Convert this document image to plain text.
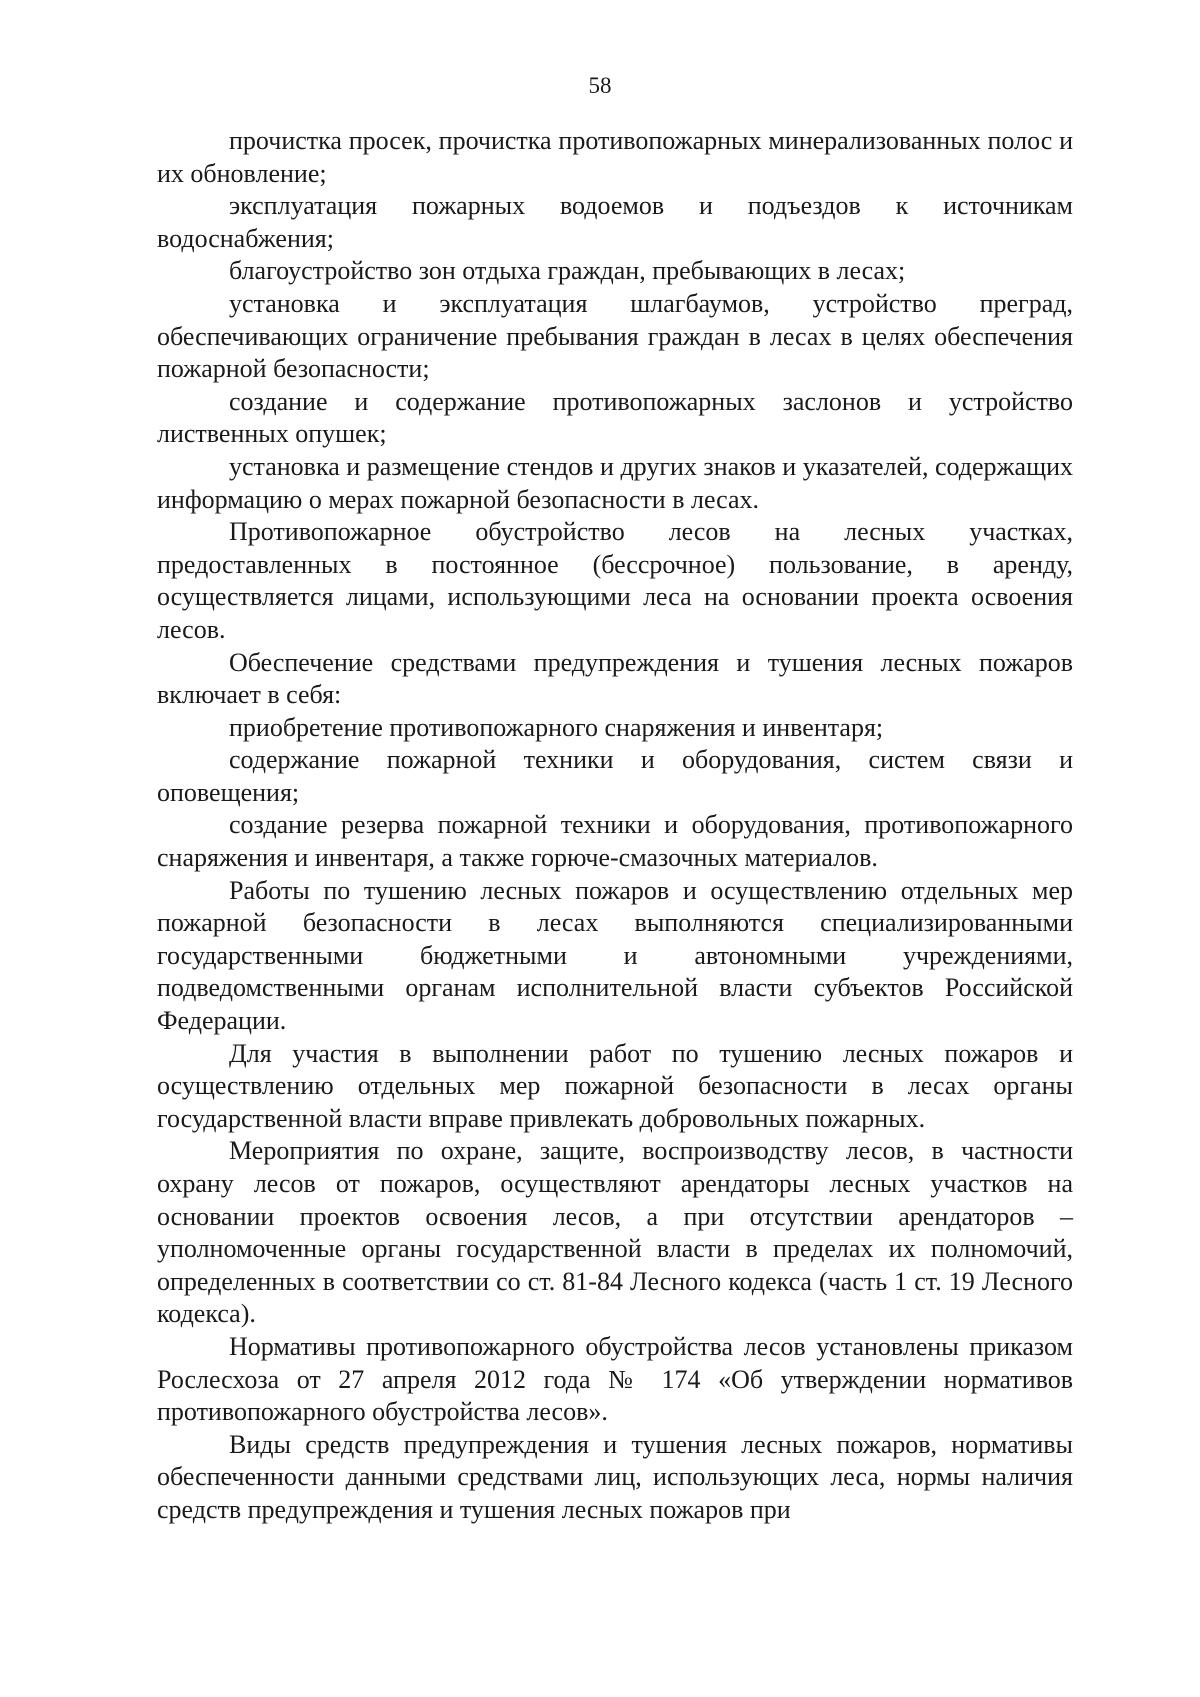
58

прочистка просек, прочистка противопожарных минерализованных полос и их обновление;

эксплуатация пожарных водоемов и подъездов к источникам водоснабжения;

благоустройство зон отдыха граждан, пребывающих в лесах;

установка и эксплуатация шлагбаумов, устройство преград, обеспечивающих ограничение пребывания граждан в лесах в целях обеспечения пожарной безопасности;

создание и содержание противопожарных заслонов и устройство лиственных опушек;

установка и размещение стендов и других знаков и указателей, содержащих информацию о мерах пожарной безопасности в лесах.

Противопожарное обустройство лесов на лесных участках, предоставленных в постоянное (бессрочное) пользование, в аренду, осуществляется лицами, использующими леса на основании проекта освоения лесов.

Обеспечение средствами предупреждения и тушения лесных пожаров включает в себя:

приобретение противопожарного снаряжения и инвентаря;

содержание пожарной техники и оборудования, систем связи и оповещения;

создание резерва пожарной техники и оборудования, противопожарного снаряжения и инвентаря, а также горюче-смазочных материалов.

Работы по тушению лесных пожаров и осуществлению отдельных мер пожарной безопасности в лесах выполняются специализированными государственными бюджетными и автономными учреждениями, подведомственными органам исполнительной власти субъектов Российской Федерации.

Для участия в выполнении работ по тушению лесных пожаров и осуществлению отдельных мер пожарной безопасности в лесах органы государственной власти вправе привлекать добровольных пожарных.

Мероприятия по охране, защите, воспроизводству лесов, в частности охрану лесов от пожаров, осуществляют арендаторы лесных участков на основании проектов освоения лесов, а при отсутствии арендаторов – уполномоченные органы государственной власти в пределах их полномочий, определенных в соответствии со ст. 81-84 Лесного кодекса (часть 1 ст. 19 Лесного кодекса).

Нормативы противопожарного обустройства лесов установлены приказом Рослесхоза от 27 апреля 2012 года № 174 «Об утверждении нормативов противопожарного обустройства лесов».

Виды средств предупреждения и тушения лесных пожаров, нормативы обеспеченности данными средствами лиц, использующих леса, нормы наличия средств предупреждения и тушения лесных пожаров при
